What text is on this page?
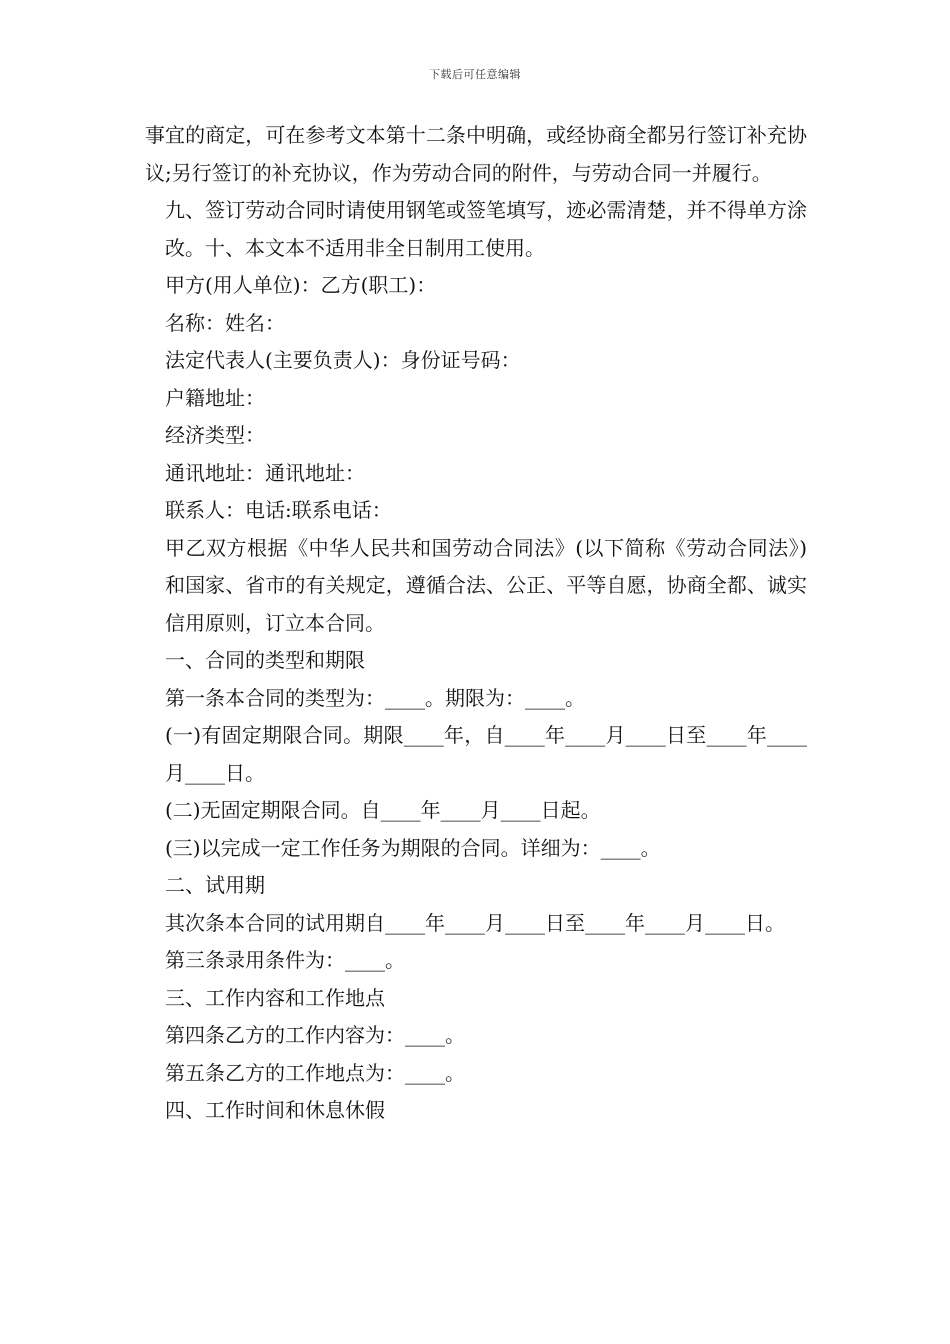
下载后可任意编辑

事宜的商定，可在参考文本第十二条中明确，或经协商全都另行签订补充协议;另行签订的补充协议，作为劳动合同的附件，与劳动合同一并履行。

九、签订劳动合同时请使用钢笔或签笔填写，迹必需清楚，并不得单方涂改。十、本文本不适用非全日制用工使用。

甲方(用人单位)：乙方(职工)：

名称：姓名：

法定代表人(主要负责人)：身份证号码：

户籍地址：

经济类型：

通讯地址：通讯地址：

联系人：电话:联系电话：

甲乙双方根据《中华人民共和国劳动合同法》(以下简称《劳动合同法》)和国家、省市的有关规定，遵循合法、公正、平等自愿，协商全都、诚实信用原则，订立本合同。

一、合同的类型和期限

第一条本合同的类型为：____。期限为：____。

(一)有固定期限合同。期限____年，自____年____月____日至____年____月____日。

(二)无固定期限合同。自____年____月____日起。

(三)以完成一定工作任务为期限的合同。详细为：____。

二、试用期

其次条本合同的试用期自____年____月____日至____年____月____日。

第三条录用条件为：____。

三、工作内容和工作地点

第四条乙方的工作内容为：____。

第五条乙方的工作地点为：____。

四、工作时间和休息休假
